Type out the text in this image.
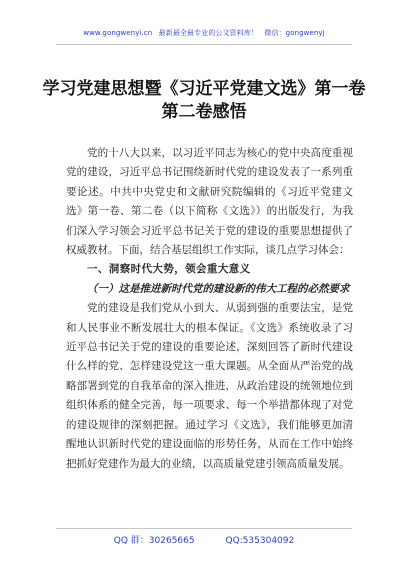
www.gongwenyi.cn 最新最全最专业的公文资料库！ 微信：gongwenyj
学习党建思想暨《习近平党建文选》第一卷
第二卷感悟

党的十八大以来，以习近平同志为核心的党中央高度重视党的建设，习近平总书记围绕新时代党的建设发表了一系列重要论述。中共中央党史和文献研究院编辑的《习近平党建文选》第一卷、第二卷（以下简称《文选》）的出版发行，为我们深入学习领会习近平总书记关于党的建设的重要思想提供了权威教材。下面，结合基层组织工作实际，谈几点学习体会：

一、洞察时代大势，领会重大意义

（一）这是推进新时代党的建设新的伟大工程的必然要求

党的建设是我们党从小到大、从弱到强的重要法宝，是党和人民事业不断发展壮大的根本保证。《文选》系统收录了习近平总书记关于党的建设的重要论述，深刻回答了新时代建设什么样的党、怎样建设党这一重大课题。从全面从严治党的战略部署到党的自我革命的深入推进，从政治建设的统领地位到组织体系的健全完善，每一项要求、每一个举措都体现了对党的建设规律的深刻把握。通过学习《文选》，我们能够更加清醒地认识新时代党的建设面临的形势任务，从而在工作中始终把抓好党建作为最大的业绩，以高质量党建引领高质量发展。

QQ 群：30265665	QQ:535304092
